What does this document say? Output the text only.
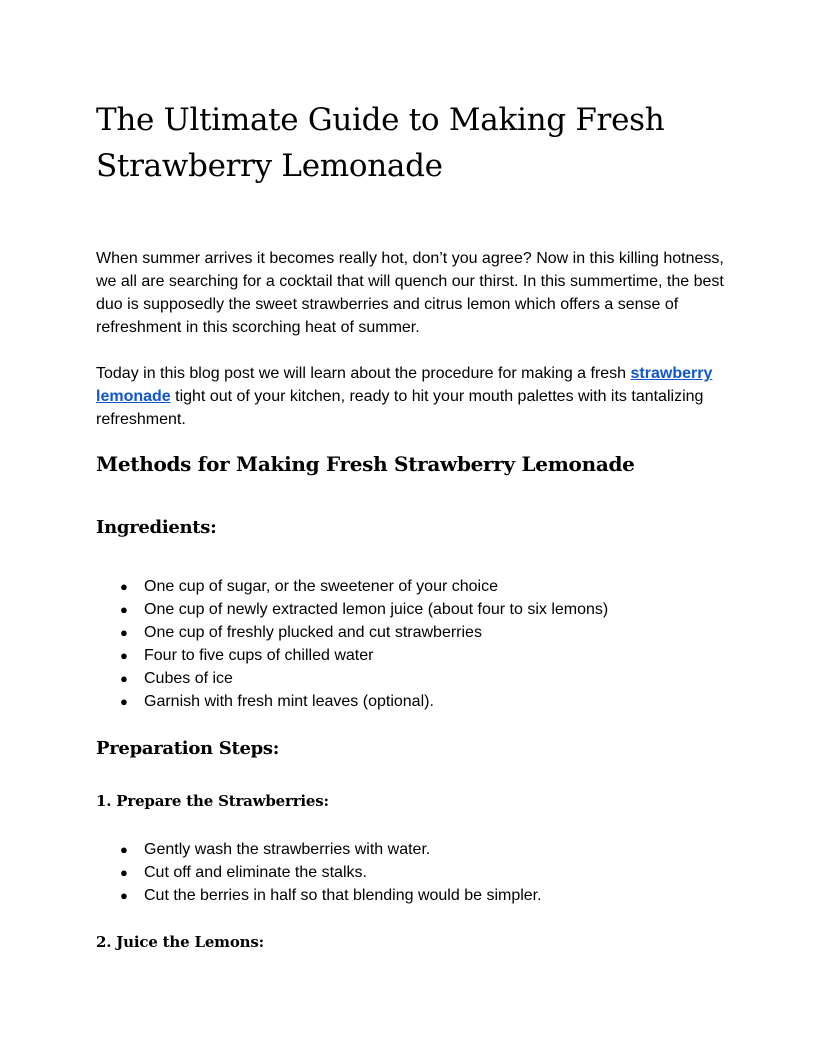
The Ultimate Guide to Making Fresh
Strawberry Lemonade

When summer arrives it becomes really hot, don’t you agree? Now in this killing hotness, we all are searching for a cocktail that will quench our thirst. In this summertime, the best duo is supposedly the sweet strawberries and citrus lemon which offers a sense of refreshment in this scorching heat of summer.

Today in this blog post we will learn about the procedure for making a fresh strawberry lemonade tight out of your kitchen, ready to hit your mouth palettes with its tantalizing refreshment.

Methods for Making Fresh Strawberry Lemonade
Ingredients:
● One cup of sugar, or the sweetener of your choice
● One cup of newly extracted lemon juice (about four to six lemons)
● One cup of freshly plucked and cut strawberries
● Four to five cups of chilled water
● Cubes of ice
● Garnish with fresh mint leaves (optional).
Preparation Steps:
1. Prepare the Strawberries:
● Gently wash the strawberries with water.
● Cut off and eliminate the stalks.
● Cut the berries in half so that blending would be simpler.
2. Juice the Lemons:
